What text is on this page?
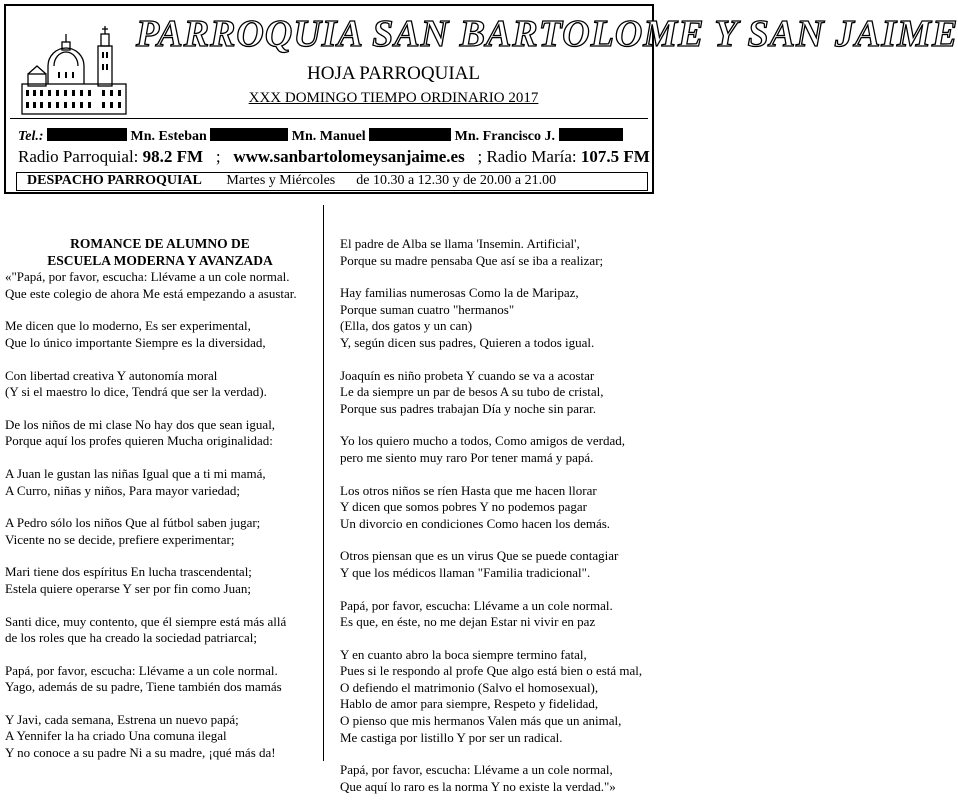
PARROQUIA SAN BARTOLOME Y SAN JAIME
HOJA PARROQUIAL
XXX DOMINGO TIEMPO ORDINARIO 2017
Tel.:	Mn. Esteban	Mn. Manuel	Mn. Francisco J.
Radio Parroquial: 98.2 FM ; www.sanbartolomeysanjaime.es ; Radio María: 107.5 FM
DESPACHO PARROQUIAL Martes y Miércoles de 10.30 a 12.30 y de 20.00 a 21.00
ROMANCE DE ALUMNO DE
ESCUELA MODERNA Y AVANZADA
«"Papá, por favor, escucha: Llévame a un cole normal.
Que este colegio de ahora Me está empezando a asustar.
Me dicen que lo moderno, Es ser experimental,
Que lo único importante Siempre es la diversidad,
Con libertad creativa Y autonomía moral
(Y si el maestro lo dice, Tendrá que ser la verdad).
De los niños de mi clase No hay dos que sean igual,
Porque aquí los profes quieren Mucha originalidad:
A Juan le gustan las niñas Igual que a ti mi mamá,
A Curro, niñas y niños, Para mayor variedad;
A Pedro sólo los niños Que al fútbol saben jugar;
Vicente no se decide, prefiere experimentar;
Mari tiene dos espíritus En lucha trascendental;
Estela quiere operarse Y ser por fin como Juan;
Santi dice, muy contento, que él siempre está más allá
de los roles que ha creado la sociedad patriarcal;
Papá, por favor, escucha: Llévame a un cole normal.
Yago, además de su padre, Tiene también dos mamás
Y Javi, cada semana, Estrena un nuevo papá;
A Yennifer la ha criado Una comuna ilegal
Y no conoce a su padre Ni a su madre, ¡qué más da!
El padre de Alba se llama 'Insemin. Artificial',
Porque su madre pensaba Que así se iba a realizar;
Hay familias numerosas Como la de Maripaz,
Porque suman cuatro "hermanos"
(Ella, dos gatos y un can)
Y, según dicen sus padres, Quieren a todos igual.
Joaquín es niño probeta Y cuando se va a acostar
Le da siempre un par de besos A su tubo de cristal,
Porque sus padres trabajan Día y noche sin parar.
Yo los quiero mucho a todos, Como amigos de verdad,
pero me siento muy raro Por tener mamá y papá.
Los otros niños se ríen Hasta que me hacen llorar
Y dicen que somos pobres Y no podemos pagar
Un divorcio en condiciones Como hacen los demás.
Otros piensan que es un virus Que se puede contagiar
Y que los médicos llaman "Familia tradicional".
Papá, por favor, escucha: Llévame a un cole normal.
Es que, en éste, no me dejan Estar ni vivir en paz
Y en cuanto abro la boca siempre termino fatal,
Pues si le respondo al profe Que algo está bien o está mal,
O defiendo el matrimonio (Salvo el homosexual),
Hablo de amor para siempre, Respeto y fidelidad,
O pienso que mis hermanos Valen más que un animal,
Me castiga por listillo Y por ser un radical.
Papá, por favor, escucha: Llévame a un cole normal,
Que aquí lo raro es la norma Y no existe la verdad."»
